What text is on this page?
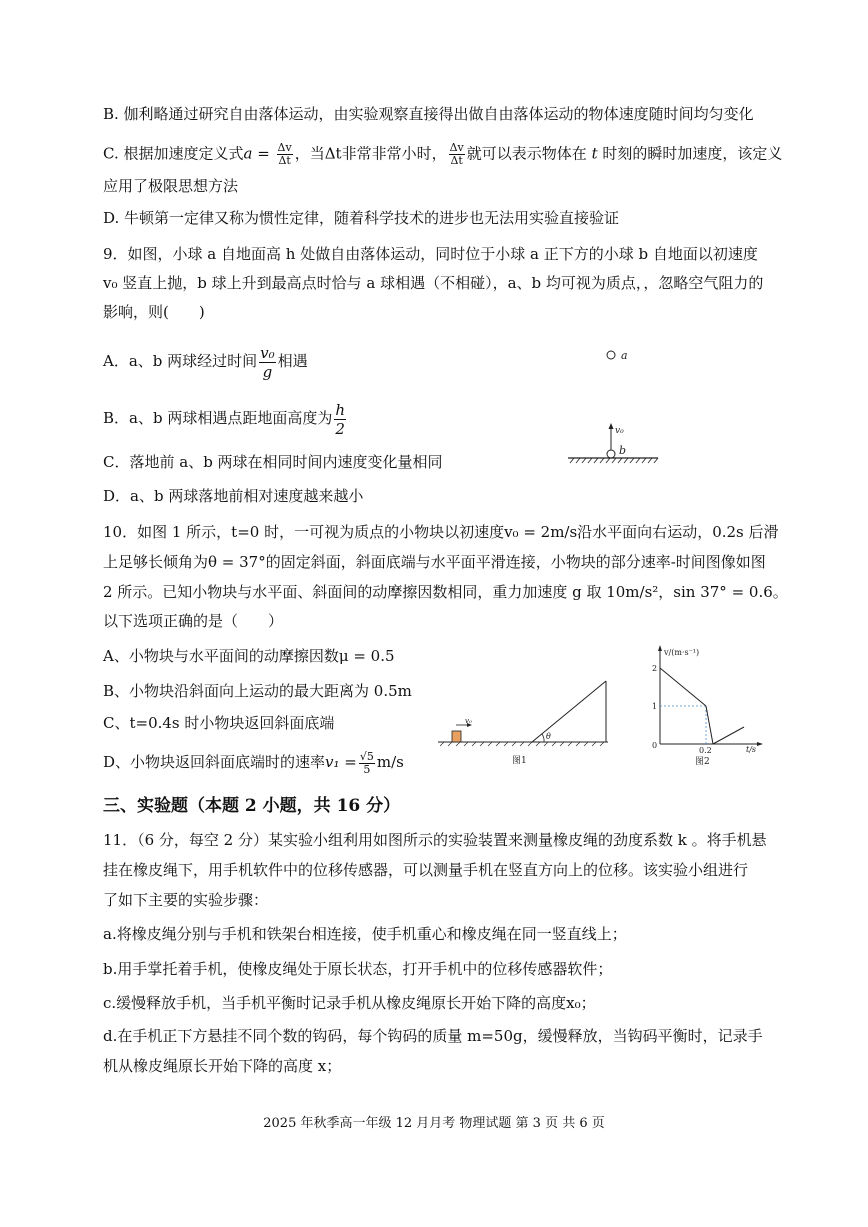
B. 伽利略通过研究自由落体运动，由实验观察直接得出做自由落体运动的物体速度随时间均匀变化
C. 根据加速度定义式$a = \frac{\Delta v}{\Delta t}$ ，当Δt非常非常小时， $\frac{\Delta v}{\Delta t}$ 就可以表示物体在 t 时刻的瞬时加速度，该定义
应用了极限思想方法
D. 牛顿第一定律又称为惯性定律，随着科学技术的进步也无法用实验直接验证
9．如图，小球 a 自地面高 h 处做自由落体运动，同时位于小球 a 正下方的小球 b 自地面以初速度
v₀ 竖直上抛，b 球上升到最高点时恰与 a 球相遇（不相碰），a、b 均可视为质点，，忽略空气阻力的
影响，则(　　)
A．a、b 两球经过时间 $\frac{\text{v₀}}{g}$ 相遇
B．a、b 两球相遇点距地面高度为 $\frac{h}{2}$
C．落地前 a、b 两球在相同时间内速度变化量相同
D．a、b 两球落地前相对速度越来越小
a
v₀
b
10．如图 1 所示，t=0 时，一可视为质点的小物块以初速度v₀ = 2m/s沿水平面向右运动，0.2s 后滑
上足够长倾角为θ = 37°的固定斜面，斜面底端与水平面平滑连接，小物块的部分速率-时间图像如图
2 所示。已知小物块与水平面、斜面间的动摩擦因数相同，重力加速度 g 取 10m/s²，sin 37° = 0.6。
以下选项正确的是（　　）
A、小物块与水平面间的动摩擦因数μ = 0.5
B、小物块沿斜面向上运动的最大距离为 0.5m
C、t=0.4s 时小物块返回斜面底端
D、小物块返回斜面底端时的速率$v_1 = \frac{√5}{5} m/s$
v₀
θ
图1
v/(m·s⁻¹)
t/s
0
2
1
0.2
图2
三、实验题（本题 2 小题，共 16 分）
11．（6 分，每空 2 分）某实验小组利用如图所示的实验装置来测量橡皮绳的劲度系数 k 。将手机悬
挂在橡皮绳下，用手机软件中的位移传感器，可以测量手机在竖直方向上的位移。该实验小组进行
了如下主要的实验步骤：
a.将橡皮绳分别与手机和铁架台相连接，使手机重心和橡皮绳在同一竖直线上；
b.用手掌托着手机，使橡皮绳处于原长状态，打开手机中的位移传感器软件；
c.缓慢释放手机，当手机平衡时记录手机从橡皮绳原长开始下降的高度x₀；
d.在手机正下方悬挂不同个数的钩码，每个钩码的质量 m=50g，缓慢释放，当钩码平衡时，记录手
机从橡皮绳原长开始下降的高度 x；
2025 年秋季高一年级 12 月月考 物理试题 第 3 页 共 6 页
